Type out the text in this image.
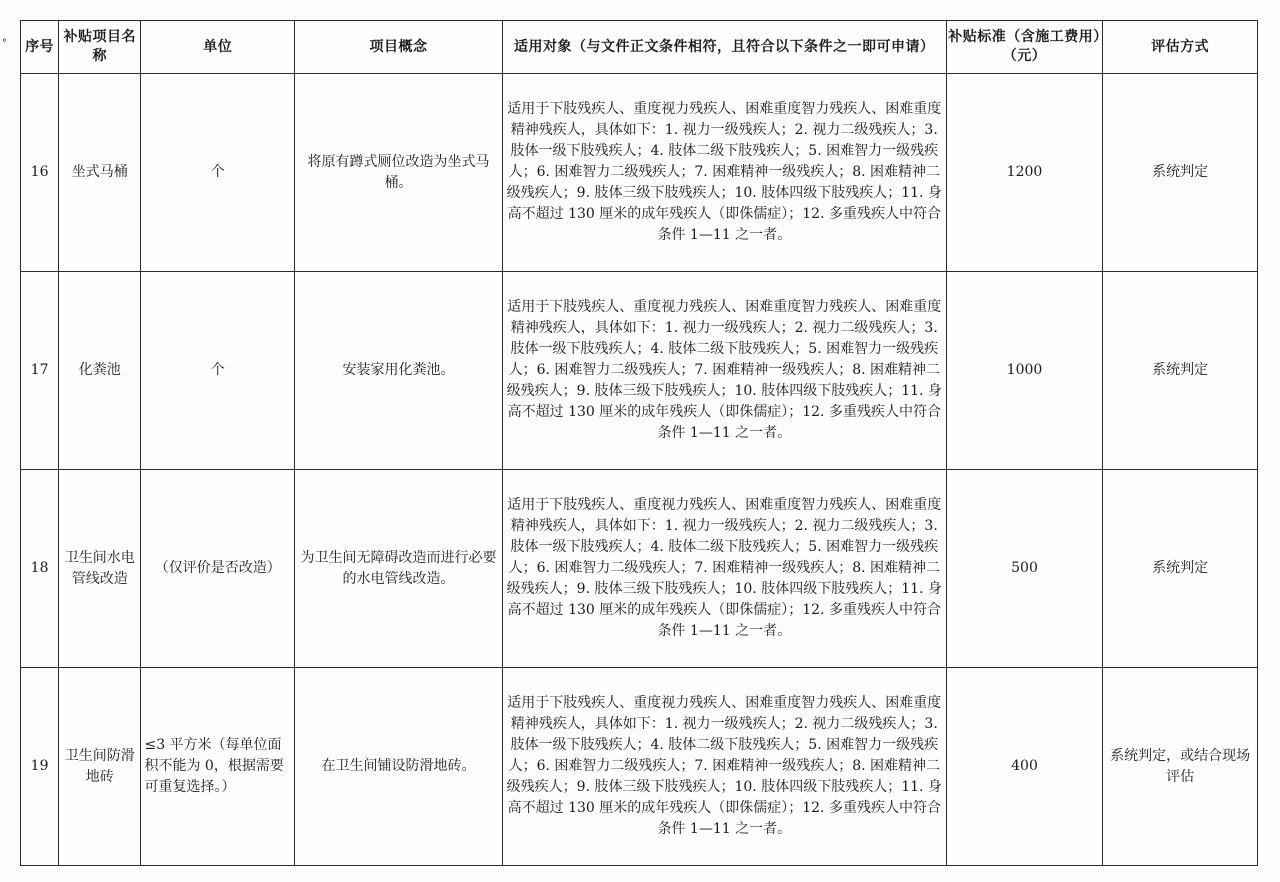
° 序号	补贴项目名称	单位	项目概念	适用对象（与文件正文条件相符，且符合以下条件之一即可申请）	补贴标准（含施工费用）（元）	评估方式
16	坐式马桶	个	将原有蹲式厕位改造为坐式马桶。	适用于下肢残疾人、重度视力残疾人、困难重度智力残疾人、困难重度精神残疾人，具体如下：1. 视力一级残疾人；2. 视力二级残疾人；3. 肢体一级下肢残疾人；4. 肢体二级下肢残疾人；5. 困难智力一级残疾人；6. 困难智力二级残疾人；7. 困难精神一级残疾人；8. 困难精神二级残疾人；9. 肢体三级下肢残疾人；10. 肢体四级下肢残疾人；11. 身高不超过 130 厘米的成年残疾人（即侏儒症）；12. 多重残疾人中符合条件 1—11 之一者。	1200	系统判定
17	化粪池	个	安装家用化粪池。	适用于下肢残疾人、重度视力残疾人、困难重度智力残疾人、困难重度精神残疾人，具体如下：1. 视力一级残疾人；2. 视力二级残疾人；3. 肢体一级下肢残疾人；4. 肢体二级下肢残疾人；5. 困难智力一级残疾人；6. 困难智力二级残疾人；7. 困难精神一级残疾人；8. 困难精神二级残疾人；9. 肢体三级下肢残疾人；10. 肢体四级下肢残疾人；11. 身高不超过 130 厘米的成年残疾人（即侏儒症）；12. 多重残疾人中符合条件 1—11 之一者。	1000	系统判定
18	卫生间水电管线改造	（仅评价是否改造）	为卫生间无障碍改造而进行必要的水电管线改造。	适用于下肢残疾人、重度视力残疾人、困难重度智力残疾人、困难重度精神残疾人，具体如下：1. 视力一级残疾人；2. 视力二级残疾人；3. 肢体一级下肢残疾人；4. 肢体二级下肢残疾人；5. 困难智力一级残疾人；6. 困难智力二级残疾人；7. 困难精神一级残疾人；8. 困难精神二级残疾人；9. 肢体三级下肢残疾人；10. 肢体四级下肢残疾人；11. 身高不超过 130 厘米的成年残疾人（即侏儒症）；12. 多重残疾人中符合条件 1—11 之一者。	500	系统判定
19	卫生间防滑地砖	≤3 平方米（每单位面积不能为 0，根据需要可重复选择。）	在卫生间铺设防滑地砖。	适用于下肢残疾人、重度视力残疾人、困难重度智力残疾人、困难重度精神残疾人，具体如下：1. 视力一级残疾人；2. 视力二级残疾人；3. 肢体一级下肢残疾人；4. 肢体二级下肢残疾人；5. 困难智力一级残疾人；6. 困难智力二级残疾人；7. 困难精神一级残疾人；8. 困难精神二级残疾人；9. 肢体三级下肢残疾人；10. 肢体四级下肢残疾人；11. 身高不超过 130 厘米的成年残疾人（即侏儒症）；12. 多重残疾人中符合条件 1—11 之一者。	400	系统判定，或结合现场评估
